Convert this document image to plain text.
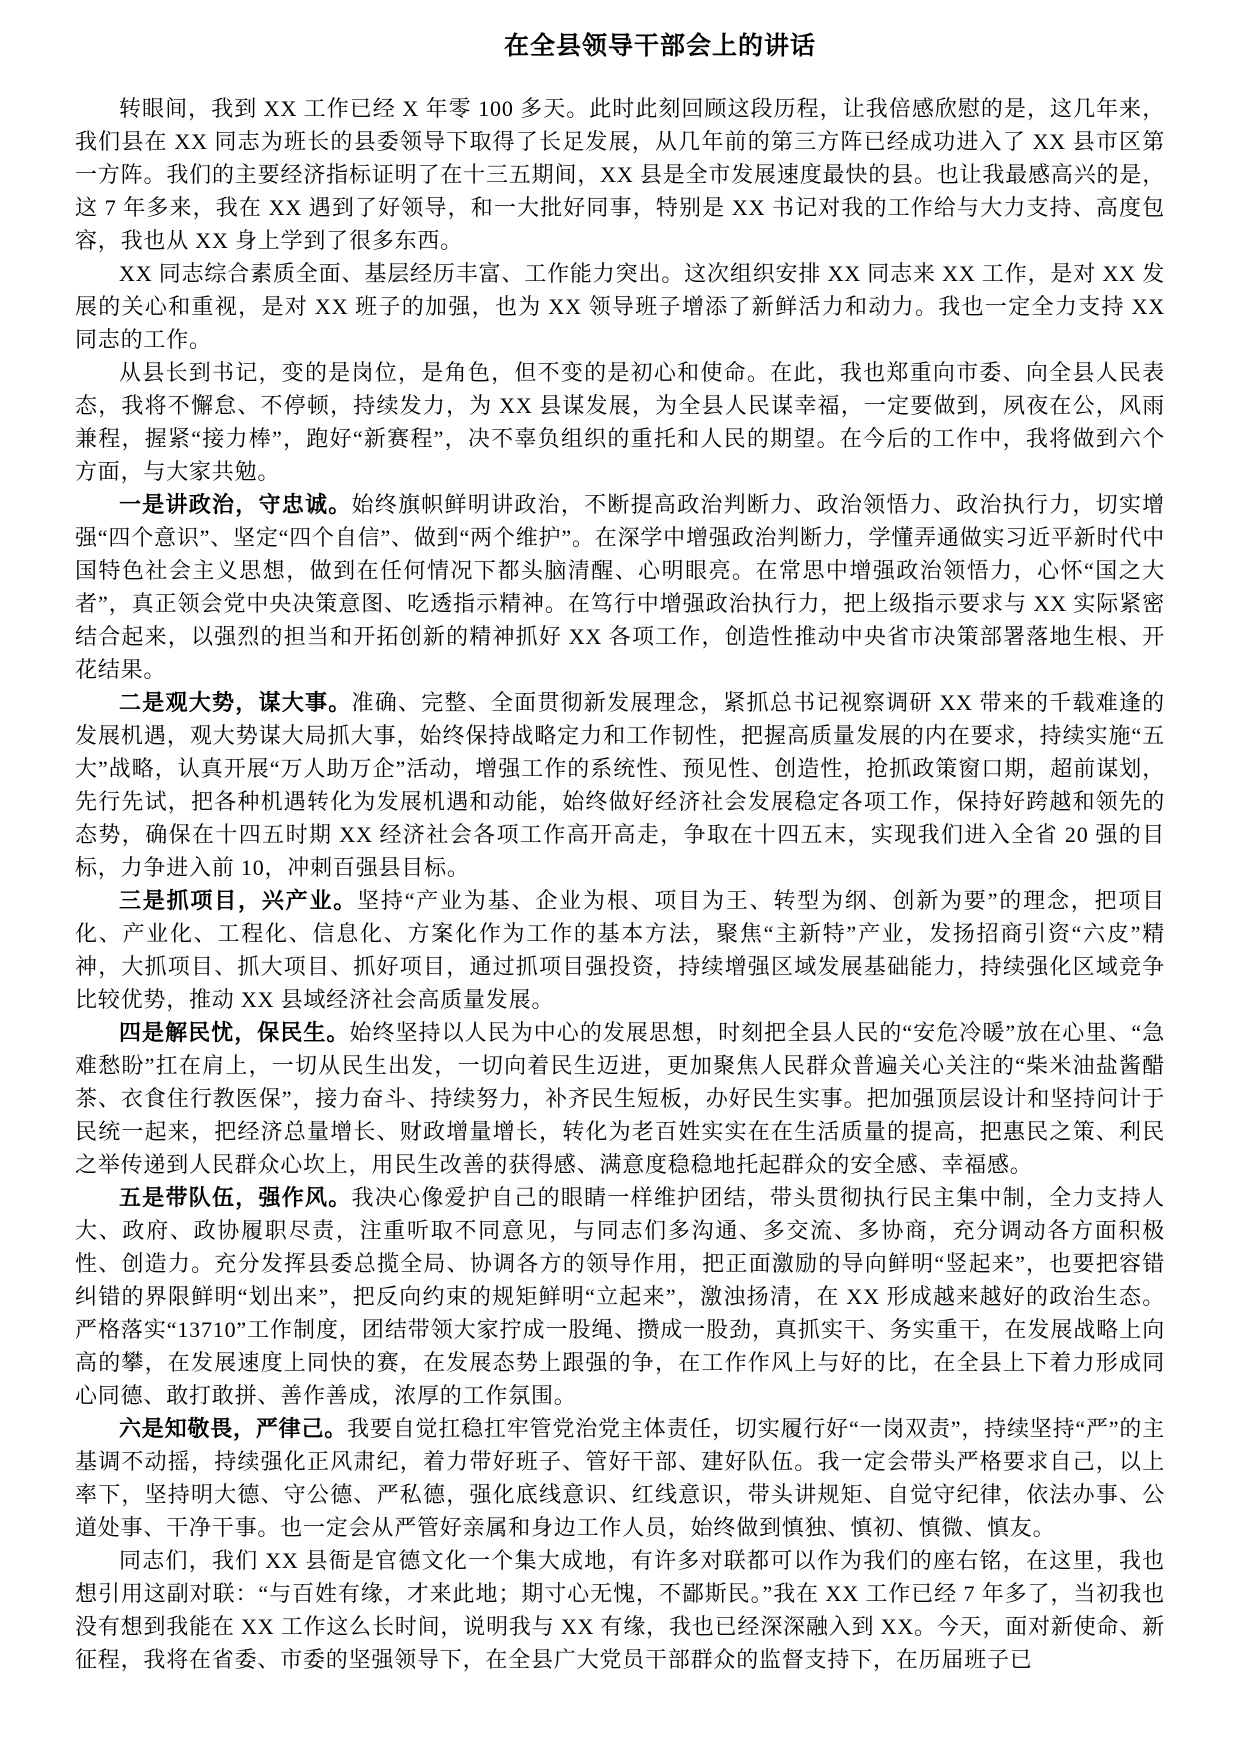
在全县领导干部会上的讲话

转眼间，我到 XX 工作已经 X 年零 100 多天。此时此刻回顾这段历程，让我倍感欣慰的是，这几年来，我们县在 XX 同志为班长的县委领导下取得了长足发展，从几年前的第三方阵已经成功进入了 XX 县市区第一方阵。我们的主要经济指标证明了在十三五期间，XX 县是全市发展速度最快的县。也让我最感高兴的是，这 7 年多来，我在 XX 遇到了好领导，和一大批好同事，特别是 XX 书记对我的工作给与大力支持、高度包容，我也从 XX 身上学到了很多东西。

XX 同志综合素质全面、基层经历丰富、工作能力突出。这次组织安排 XX 同志来 XX 工作，是对 XX 发展的关心和重视，是对 XX 班子的加强，也为 XX 领导班子增添了新鲜活力和动力。我也一定全力支持 XX 同志的工作。

从县长到书记，变的是岗位，是角色，但不变的是初心和使命。在此，我也郑重向市委、向全县人民表态，我将不懈怠、不停顿，持续发力，为 XX 县谋发展，为全县人民谋幸福，一定要做到，夙夜在公，风雨兼程，握紧“接力棒”，跑好“新赛程”，决不辜负组织的重托和人民的期望。在今后的工作中，我将做到六个方面，与大家共勉。

一是讲政治，守忠诚。始终旗帜鲜明讲政治，不断提高政治判断力、政治领悟力、政治执行力，切实增强“四个意识”、坚定“四个自信”、做到“两个维护”。在深学中增强政治判断力，学懂弄通做实习近平新时代中国特色社会主义思想，做到在任何情况下都头脑清醒、心明眼亮。在常思中增强政治领悟力，心怀“国之大者”，真正领会党中央决策意图、吃透指示精神。在笃行中增强政治执行力，把上级指示要求与 XX 实际紧密结合起来，以强烈的担当和开拓创新的精神抓好 XX 各项工作，创造性推动中央省市决策部署落地生根、开花结果。

二是观大势，谋大事。准确、完整、全面贯彻新发展理念，紧抓总书记视察调研 XX 带来的千载难逢的发展机遇，观大势谋大局抓大事，始终保持战略定力和工作韧性，把握高质量发展的内在要求，持续实施“五大”战略，认真开展“万人助万企”活动，增强工作的系统性、预见性、创造性，抢抓政策窗口期，超前谋划，先行先试，把各种机遇转化为发展机遇和动能，始终做好经济社会发展稳定各项工作，保持好跨越和领先的态势，确保在十四五时期 XX 经济社会各项工作高开高走，争取在十四五末，实现我们进入全省 20 强的目标，力争进入前 10，冲刺百强县目标。

三是抓项目，兴产业。坚持“产业为基、企业为根、项目为王、转型为纲、创新为要”的理念，把项目化、产业化、工程化、信息化、方案化作为工作的基本方法，聚焦“主新特”产业，发扬招商引资“六皮”精神，大抓项目、抓大项目、抓好项目，通过抓项目强投资，持续增强区域发展基础能力，持续强化区域竞争比较优势，推动 XX 县域经济社会高质量发展。

四是解民忧，保民生。始终坚持以人民为中心的发展思想，时刻把全县人民的“安危冷暖”放在心里、“急难愁盼”扛在肩上，一切从民生出发，一切向着民生迈进，更加聚焦人民群众普遍关心关注的“柴米油盐酱醋茶、衣食住行教医保”，接力奋斗、持续努力，补齐民生短板，办好民生实事。把加强顶层设计和坚持问计于民统一起来，把经济总量增长、财政增量增长，转化为老百姓实实在在生活质量的提高，把惠民之策、利民之举传递到人民群众心坎上，用民生改善的获得感、满意度稳稳地托起群众的安全感、幸福感。

五是带队伍，强作风。我决心像爱护自己的眼睛一样维护团结，带头贯彻执行民主集中制，全力支持人大、政府、政协履职尽责，注重听取不同意见，与同志们多沟通、多交流、多协商，充分调动各方面积极性、创造力。充分发挥县委总揽全局、协调各方的领导作用，把正面激励的导向鲜明“竖起来”，也要把容错纠错的界限鲜明“划出来”，把反向约束的规矩鲜明“立起来”，激浊扬清，在 XX 形成越来越好的政治生态。严格落实“13710”工作制度，团结带领大家拧成一股绳、攒成一股劲，真抓实干、务实重干，在发展战略上向高的攀，在发展速度上同快的赛，在发展态势上跟强的争，在工作作风上与好的比，在全县上下着力形成同心同德、敢打敢拼、善作善成，浓厚的工作氛围。

六是知敬畏，严律己。我要自觉扛稳扛牢管党治党主体责任，切实履行好“一岗双责”，持续坚持“严”的主基调不动摇，持续强化正风肃纪，着力带好班子、管好干部、建好队伍。我一定会带头严格要求自己，以上率下，坚持明大德、守公德、严私德，强化底线意识、红线意识，带头讲规矩、自觉守纪律，依法办事、公道处事、干净干事。也一定会从严管好亲属和身边工作人员，始终做到慎独、慎初、慎微、慎友。

同志们，我们 XX 县衙是官德文化一个集大成地，有许多对联都可以作为我们的座右铭，在这里，我也想引用这副对联：“与百姓有缘，才来此地；期寸心无愧，不鄙斯民。”我在 XX 工作已经 7 年多了，当初我也没有想到我能在 XX 工作这么长时间，说明我与 XX 有缘，我也已经深深融入到 XX。今天，面对新使命、新征程，我将在省委、市委的坚强领导下，在全县广大党员干部群众的监督支持下，在历届班子已
